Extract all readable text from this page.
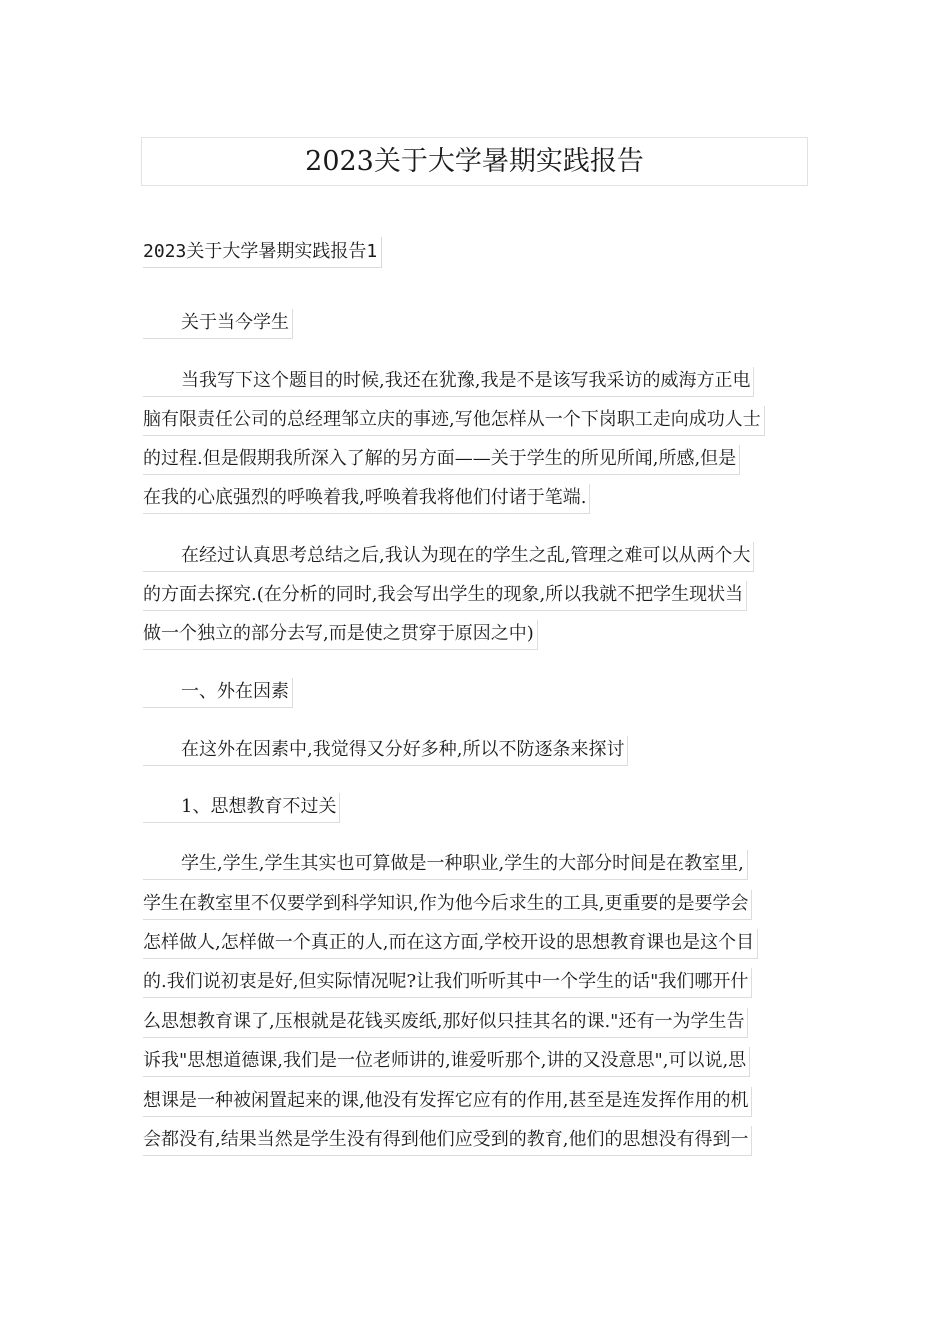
2023关于大学暑期实践报告
2023关于大学暑期实践报告1
关于当今学生
当我写下这个题目的时候,我还在犹豫,我是不是该写我采访的威海方正电
脑有限责任公司的总经理邹立庆的事迹,写他怎样从一个下岗职工走向成功人士
的过程.但是假期我所深入了解的另方面——关于学生的所见所闻,所感,但是
在我的心底强烈的呼唤着我,呼唤着我将他们付诸于笔端.
在经过认真思考总结之后,我认为现在的学生之乱,管理之难可以从两个大
的方面去探究.(在分析的同时,我会写出学生的现象,所以我就不把学生现状当
做一个独立的部分去写,而是使之贯穿于原因之中)
一、外在因素
在这外在因素中,我觉得又分好多种,所以不防逐条来探讨
1、思想教育不过关
学生,学生,学生其实也可算做是一种职业,学生的大部分时间是在教室里,
学生在教室里不仅要学到科学知识,作为他今后求生的工具,更重要的是要学会
怎样做人,怎样做一个真正的人,而在这方面,学校开设的思想教育课也是这个目
的.我们说初衷是好,但实际情况呢?让我们听听其中一个学生的话"我们哪开什
么思想教育课了,压根就是花钱买废纸,那好似只挂其名的课."还有一为学生告
诉我"思想道德课,我们是一位老师讲的,谁爱听那个,讲的又没意思",可以说,思
想课是一种被闲置起来的课,他没有发挥它应有的作用,甚至是连发挥作用的机
会都没有,结果当然是学生没有得到他们应受到的教育,他们的思想没有得到一
